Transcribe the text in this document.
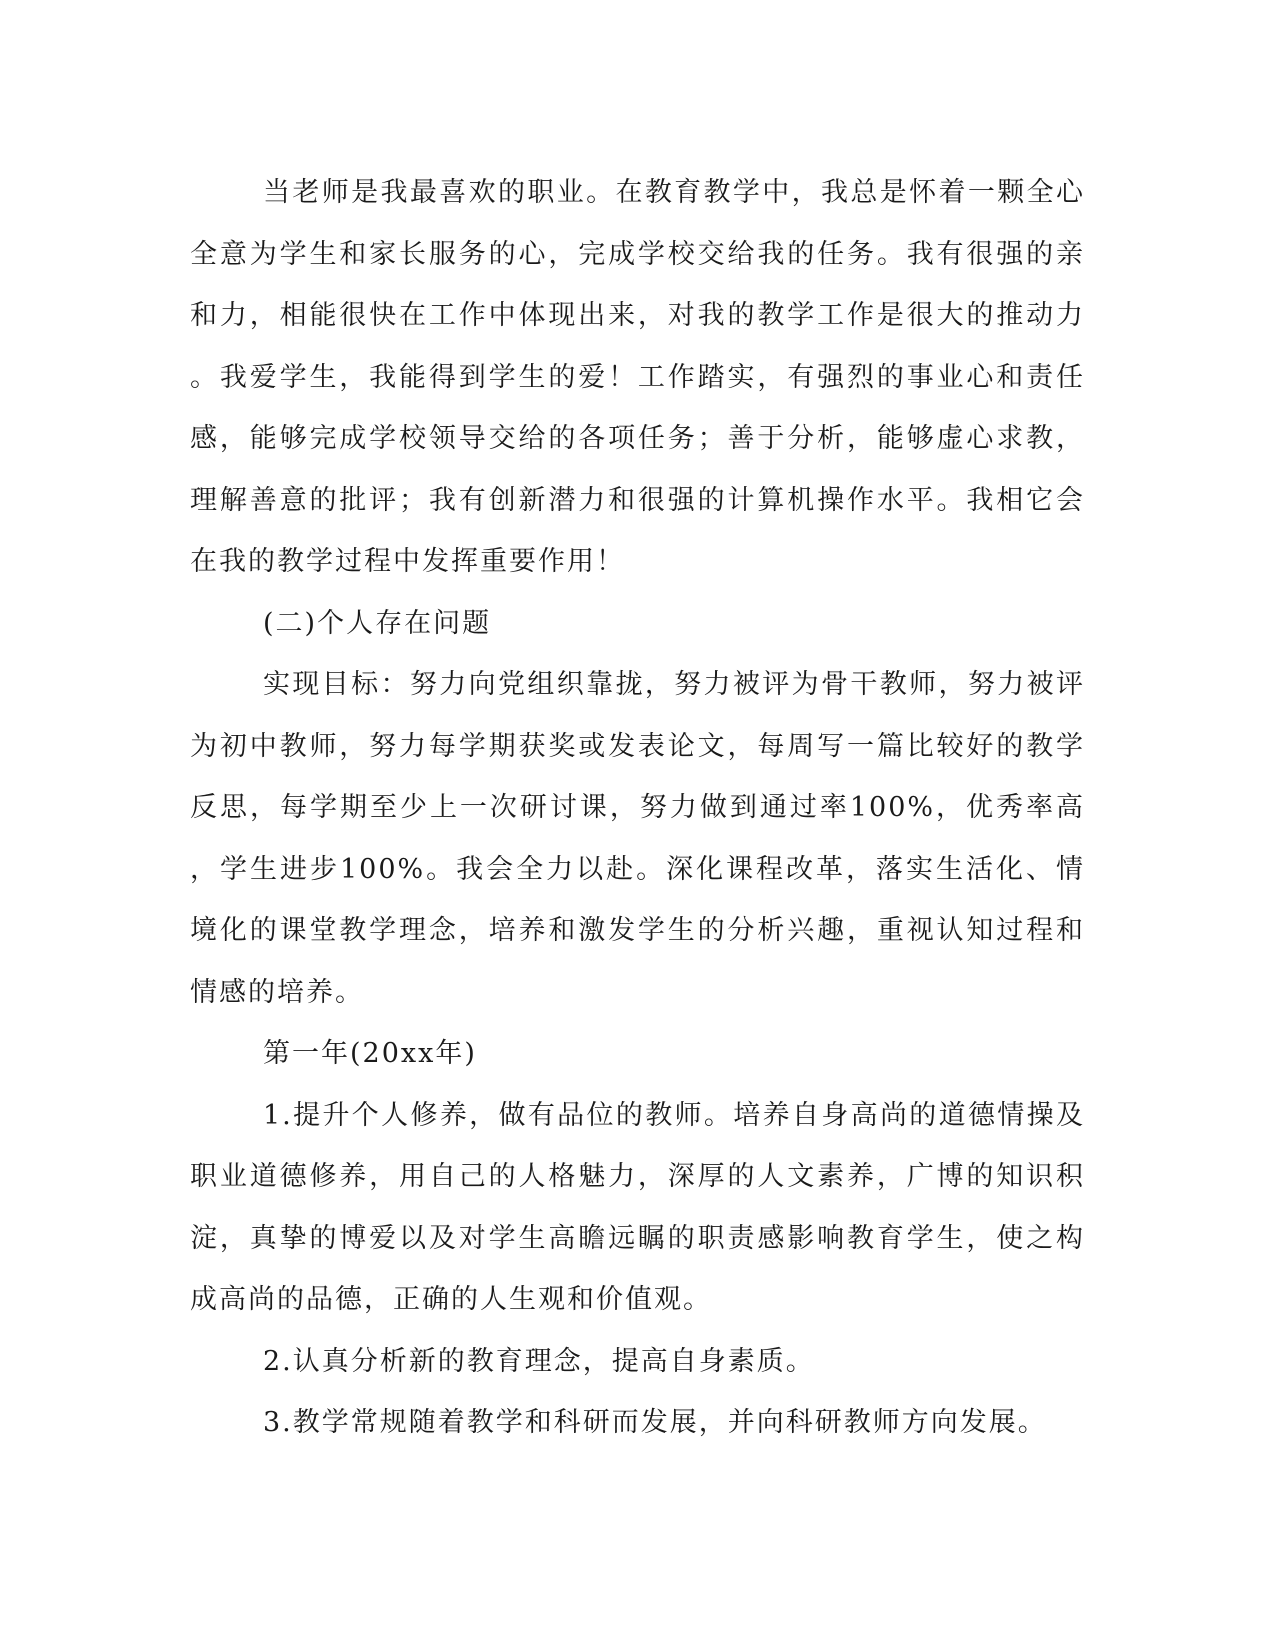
当老师是我最喜欢的职业。在教育教学中，我总是怀着一颗全心全意为学生和家长服务的心，完成学校交给我的任务。我有很强的亲和力，相能很快在工作中体现出来，对我的教学工作是很大的推动力。我爱学生，我能得到学生的爱！工作踏实，有强烈的事业心和责任感，能够完成学校领导交给的各项任务；善于分析，能够虚心求教，理解善意的批评；我有创新潜力和很强的计算机操作水平。我相它会在我的教学过程中发挥重要作用！

(二)个人存在问题

实现目标：努力向党组织靠拢，努力被评为骨干教师，努力被评为初中教师，努力每学期获奖或发表论文，每周写一篇比较好的教学反思，每学期至少上一次研讨课，努力做到通过率100%，优秀率高，学生进步100%。我会全力以赴。深化课程改革，落实生活化、情境化的课堂教学理念，培养和激发学生的分析兴趣，重视认知过程和情感的培养。

第一年(20xx年)

1.提升个人修养，做有品位的教师。培养自身高尚的道德情操及职业道德修养，用自己的人格魅力，深厚的人文素养，广博的知识积淀，真挚的博爱以及对学生高瞻远瞩的职责感影响教育学生，使之构成高尚的品德，正确的人生观和价值观。

2.认真分析新的教育理念，提高自身素质。

3.教学常规随着教学和科研而发展，并向科研教师方向发展。
